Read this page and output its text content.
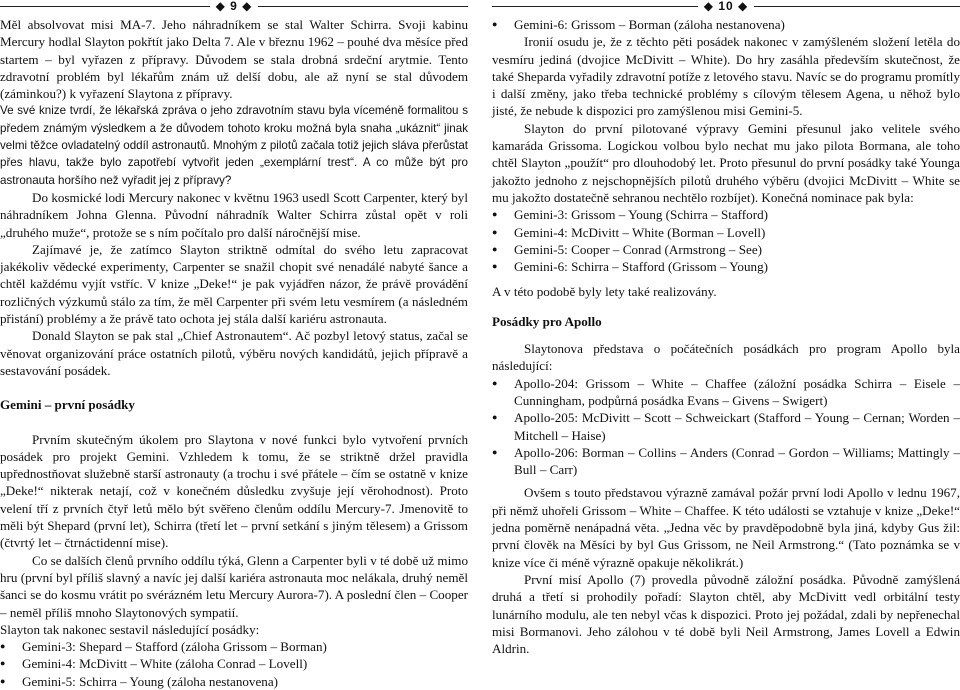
◆ 9 ◆

Měl absolvovat misi MA-7. Jeho náhradníkem se stal Walter Schirra. Svoji kabinu Mercury hodlal Slayton pokřtít jako Delta 7. Ale v březnu 1962 – pouhé dva měsíce před startem – byl vyřazen z přípravy. Důvodem se stala drobná srdeční arytmie. Tento zdravotní problém byl lékařům znám už delší dobu, ale až nyní se stal důvodem (záminkou?) k vyřazení Slaytona z přípravy.

Ve své knize tvrdí, že lékařská zpráva o jeho zdravotním stavu byla víceméně formalitou s předem známým výsledkem a že důvodem tohoto kroku možná byla snaha „ukáznit“ jinak velmi těžce ovladatelný oddíl astronautů. Mnohým z pilotů začala totiž jejich sláva přerůstat přes hlavu, takže bylo zapotřebí vytvořit jeden „exemplární trest“. A co může být pro astronauta horšího než vyřadit jej z přípravy?

Do kosmické lodi Mercury nakonec v květnu 1963 usedl Scott Carpenter, který byl náhradníkem Johna Glenna. Původní náhradník Walter Schirra zůstal opět v roli „druhého muže“, protože se s ním počítalo pro další náročnější mise.

Zajímavé je, že zatímco Slayton striktně odmítal do svého letu zapracovat jakékoliv vědecké experimenty, Carpenter se snažil chopit své nenadálé nabyté šance a chtěl každému vyjít vstříc. V knize „Deke!“ je pak vyjádřen názor, že právě provádění rozličných výzkumů stálo za tím, že měl Carpenter při svém letu vesmírem (a následném přistání) problémy a že právě tato ochota jej stála další kariéru astronauta.

Donald Slayton se pak stal „Chief Astronautem“. Ač pozbyl letový status, začal se věnovat organizování práce ostatních pilotů, výběru nových kandidátů, jejich přípravě a sestavování posádek.

Gemini – první posádky

Prvním skutečným úkolem pro Slaytona v nové funkci bylo vytvoření prvních posádek pro projekt Gemini. Vzhledem k tomu, že se striktně držel pravidla upřednostňovat služebně starší astronauty (a trochu i své přátele – čím se ostatně v knize „Deke!“ nikterak netají, což v konečném důsledku zvyšuje její věrohodnost). Proto velení tří z prvních čtyř letů mělo být svěřeno členům oddílu Mercury-7. Jmenovitě to měli být Shepard (první let), Schirra (třetí let – první setkání s jiným tělesem) a Grissom (čtvrtý let – čtrnáctidenní mise).

Co se dalších členů prvního oddílu týká, Glenn a Carpenter byli v té době už mimo hru (první byl příliš slavný a navíc jej další kariéra astronauta moc nelákala, druhý neměl šanci se do kosmu vrátit po svérázném letu Mercury Aurora-7). A poslední člen – Cooper – neměl příliš mnoho Slaytonových sympatií.

Slayton tak nakonec sestavil následující posádky:

● Gemini-3: Shepard – Stafford (záloha Grissom – Borman)
● Gemini-4: McDivitt – White (záloha Conrad – Lovell)
● Gemini-5: Schirra – Young (záloha nestanovena)
◆ 10 ◆
● Gemini-6: Grissom – Borman (záloha nestanovena)

Ironií osudu je, že z těchto pěti posádek nakonec v zamýšleném složení letěla do vesmíru jediná (dvojice McDivitt – White). Do hry zasáhla především skutečnost, že také Sheparda vyřadily zdravotní potíže z letového stavu. Navíc se do programu promítly i další změny, jako třeba technické problémy s cílovým tělesem Agena, u něhož bylo jisté, že nebude k dispozici pro zamýšlenou misi Gemini-5.

Slayton do první pilotované výpravy Gemini přesunul jako velitele svého kamaráda Grissoma. Logickou volbou bylo nechat mu jako pilota Bormana, ale toho chtěl Slayton „použít“ pro dlouhodobý let. Proto přesunul do první posádky také Younga jakožto jednoho z nejschopnějších pilotů druhého výběru (dvojici McDivitt – White se mu jakožto dostatečně sehranou nechtělo rozbíjet). Konečná nominace pak byla:

● Gemini-3: Grissom – Young (Schirra – Stafford)
● Gemini-4: McDivitt – White (Borman – Lovell)
● Gemini-5: Cooper – Conrad (Armstrong – See)
● Gemini-6: Schirra – Stafford (Grissom – Young)

A v této podobě byly lety také realizovány.

Posádky pro Apollo

Slaytonova představa o počátečních posádkách pro program Apollo byla následující:

● Apollo-204: Grissom – White – Chaffee (záložní posádka Schirra – Eisele – Cunningham, podpůrná posádka Evans – Givens – Swigert)
● Apollo-205: McDivitt – Scott – Schweickart (Stafford – Young – Cernan; Worden – Mitchell – Haise)
● Apollo-206: Borman – Collins – Anders (Conrad – Gordon – Williams; Mattingly – Bull – Carr)

Ovšem s touto představou výrazně zamával požár první lodi Apollo v lednu 1967, při němž uhořeli Grissom – White – Chaffee. K této události se vztahuje v knize „Deke!“ jedna poměrně nenápadná věta. „Jedna věc by pravděpodobně byla jiná, kdyby Gus žil: první člověk na Měsíci by byl Gus Grissom, ne Neil Armstrong.“ (Tato poznámka se v knize více či méně výrazně opakuje několikrát.)

První misí Apollo (7) provedla původně záložní posádka. Původně zamýšlená druhá a třetí si prohodily pořadí: Slayton chtěl, aby McDivitt vedl orbitální testy lunárního modulu, ale ten nebyl včas k dispozici. Proto jej požádal, zdali by nepřenechal misi Bormanovi. Jeho zálohou v té době byli Neil Armstrong, James Lovell a Edwin Aldrin.
